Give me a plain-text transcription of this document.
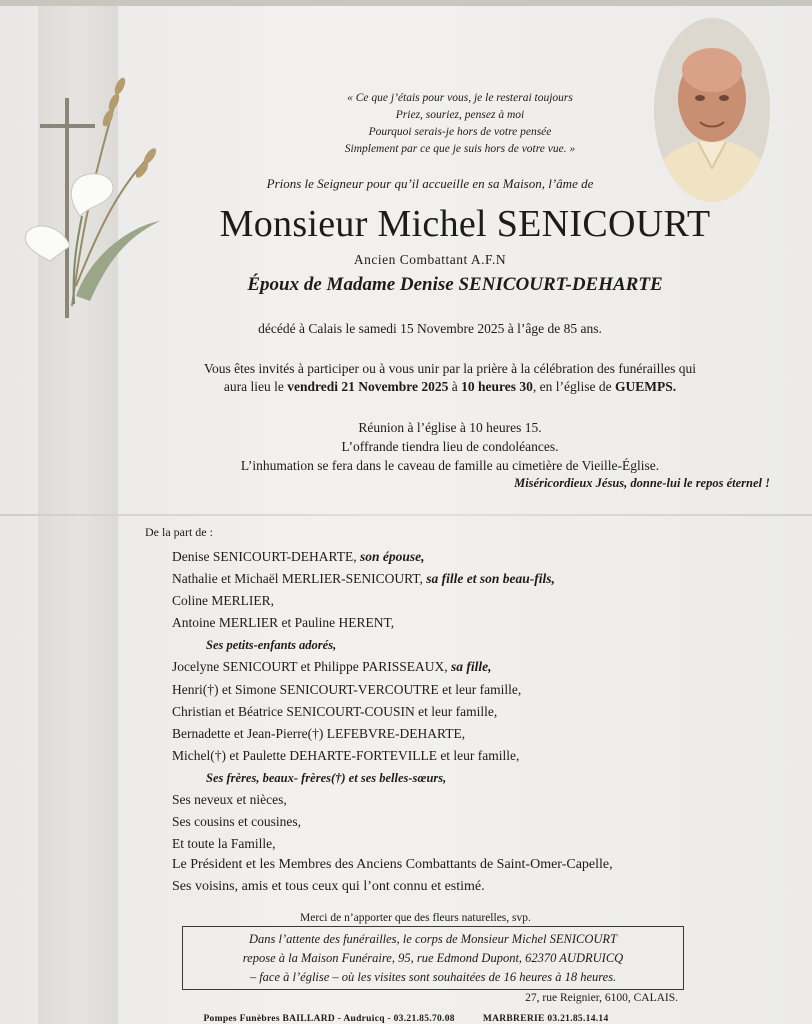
« Ce que j’étais pour vous, je le resterai toujours
Priez, souriez, pensez à moi
Pourquoi serais-je hors de votre pensée
Simplement par ce que je suis hors de votre vue. »
Prions le Seigneur pour qu’il accueille en sa Maison, l’âme de
Monsieur Michel SENICOURT
Ancien Combattant A.F.N
Époux de Madame Denise SENICOURT-DEHARTE
décédé à Calais le samedi 15 Novembre 2025 à l’âge de 85 ans.
Vous êtes invités à participer ou à vous unir par la prière à la célébration des funérailles qui
aura lieu le vendredi 21 Novembre 2025 à 10 heures 30, en l’église de GUEMPS.
Réunion à l’église à 10 heures 15.
L’offrande tiendra lieu de condoléances.
L’inhumation se fera dans le caveau de famille au cimetière de Vieille-Église.
Miséricordieux Jésus, donne-lui le repos éternel !
De la part de :
Denise SENICOURT-DEHARTE, son épouse,
Nathalie et Michaël MERLIER-SENICOURT, sa fille et son beau-fils,
Coline MERLIER,
Antoine MERLIER et Pauline HERENT,
Ses petits-enfants adorés,
Jocelyne SENICOURT et Philippe PARISSEAUX, sa fille,
Henri(†) et Simone SENICOURT-VERCOUTRE et leur famille,
Christian et Béatrice SENICOURT-COUSIN et leur famille,
Bernadette et Jean-Pierre(†) LEFEBVRE-DEHARTE,
Michel(†) et Paulette DEHARTE-FORTEVILLE et leur famille,
Ses frères, beaux- frères(†) et ses belles-sœurs,
Ses neveux et nièces,
Ses cousins et cousines,
Et toute la Famille,
Le Président et les Membres des Anciens Combattants de Saint-Omer-Capelle,
Ses voisins, amis et tous ceux qui l’ont connu et estimé.
Merci de n’apporter que des fleurs naturelles, svp.
Dans l’attente des funérailles, le corps de Monsieur Michel SENICOURT
repose à la Maison Funéraire, 95, rue Edmond Dupont, 62370 AUDRUICQ
– face à l’église – où les visites sont souhaitées de 16 heures à 18 heures.
27, rue Reignier, 6100, CALAIS.
Pompes Funèbres BAILLARD - Audruicq - 03.21.85.70.08	MARBRERIE 03.21.85.14.14
